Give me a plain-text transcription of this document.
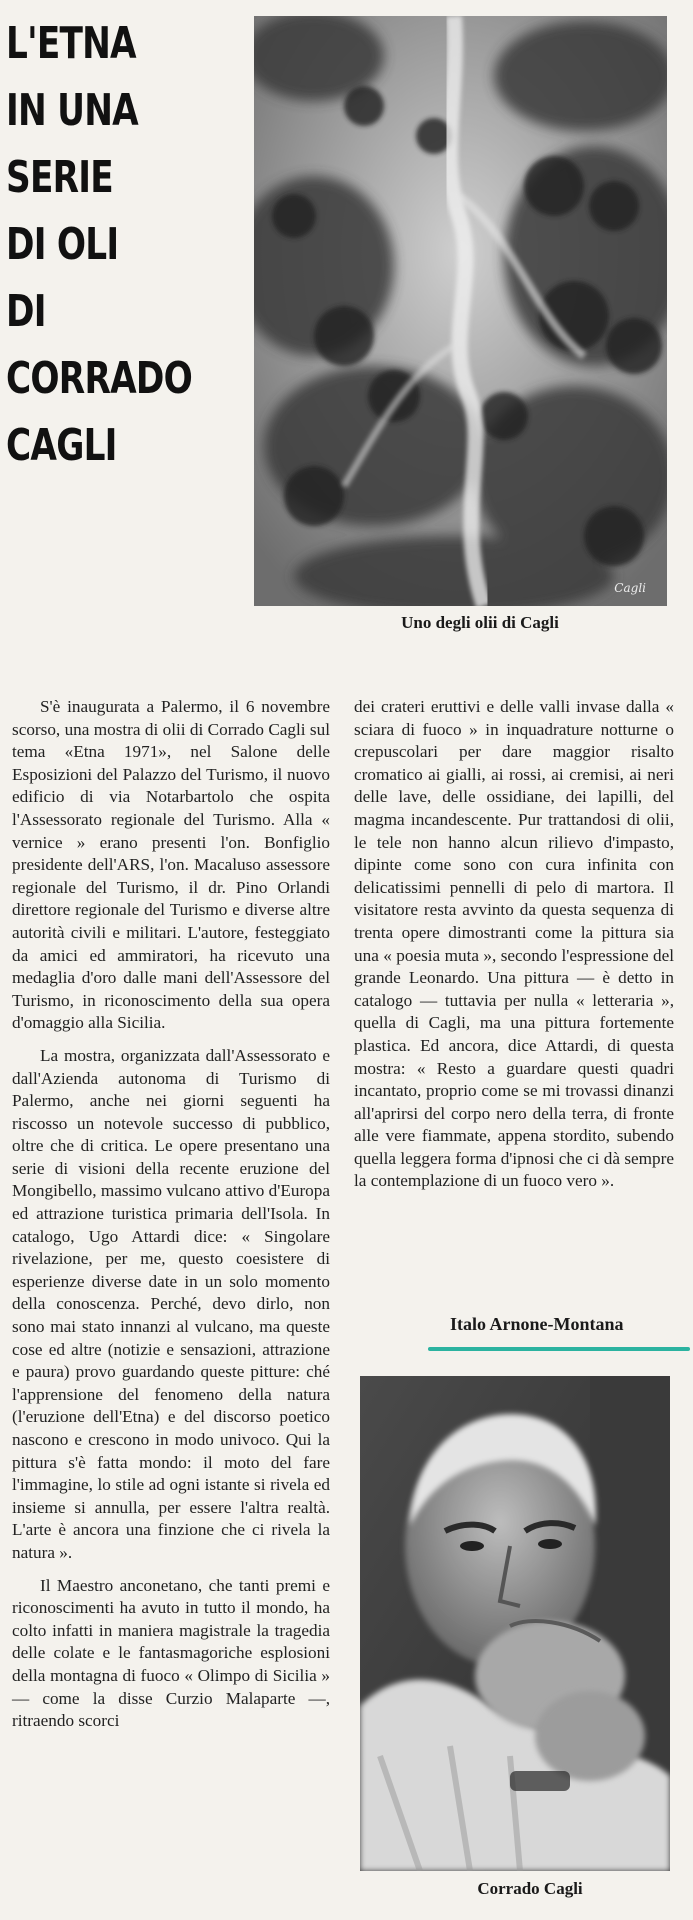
L'ETNA
IN UNA
SERIE
DI OLI
DI
CORRADO
CAGLI
Cagli
Uno degli olii di Cagli

S'è inaugurata a Palermo, il 6 novembre scorso, una mostra di olii di Corrado Cagli sul tema «Etna 1971», nel Salone delle Esposizioni del Palazzo del Turismo, il nuovo edificio di via Notarbartolo che ospita l'Assessorato regionale del Turismo. Alla « vernice » erano presenti l'on. Bonfiglio presidente dell'ARS, l'on. Macaluso assessore regionale del Turismo, il dr. Pino Orlandi direttore regionale del Turismo e diverse altre autorità civili e militari. L'autore, festeggiato da amici ed ammiratori, ha ricevuto una medaglia d'oro dalle mani dell'Assessore del Turismo, in riconoscimento della sua opera d'omaggio alla Sicilia.

La mostra, organizzata dall'Assessorato e dall'Azienda autonoma di Turismo di Palermo, anche nei giorni seguenti ha riscosso un notevole successo di pubblico, oltre che di critica. Le opere presentano una serie di visioni della recente eruzione del Mongibello, massimo vulcano attivo d'Europa ed attrazione turistica primaria dell'Isola. In catalogo, Ugo Attardi dice: « Singolare rivelazione, per me, questo coesistere di esperienze diverse date in un solo momento della conoscenza. Perché, devo dirlo, non sono mai stato innanzi al vulcano, ma queste cose ed altre (notizie e sensazioni, attrazione e paura) provo guardando queste pitture: ché l'apprensione del fenomeno della natura (l'eruzione dell'Etna) e del discorso poetico nascono e crescono in modo univoco. Qui la pittura s'è fatta mondo: il moto del fare l'immagine, lo stile ad ogni istante si rivela ed insieme si annulla, per essere l'altra realtà. L'arte è ancora una finzione che ci rivela la natura ».

Il Maestro anconetano, che tanti premi e riconoscimenti ha avuto in tutto il mondo, ha colto infatti in maniera magistrale la tragedia delle colate e le fantasmagoriche esplosioni della montagna di fuoco « Olimpo di Sicilia » — come la disse Curzio Malaparte —, ritraendo scorci

dei crateri eruttivi e delle valli invase dalla « sciara di fuoco » in inquadrature notturne o crepuscolari per dare maggior risalto cromatico ai gialli, ai rossi, ai cremisi, ai neri delle lave, delle ossidiane, dei lapilli, del magma incandescente. Pur trattandosi di olii, le tele non hanno alcun rilievo d'impasto, dipinte come sono con cura infinita con delicatissimi pennelli di pelo di martora. Il visitatore resta avvinto da questa sequenza di trenta opere dimostranti come la pittura sia una « poesia muta », secondo l'espressione del grande Leonardo. Una pittura — è detto in catalogo — tuttavia per nulla « letteraria », quella di Cagli, ma una pittura fortemente plastica. Ed ancora, dice Attardi, di questa mostra: « Resto a guardare questi quadri incantato, proprio come se mi trovassi dinanzi all'aprirsi del corpo nero della terra, di fronte alle vere fiammate, appena stordito, subendo quella leggera forma d'ipnosi che ci dà sempre la contemplazione di un fuoco vero ».

Italo Arnone-Montana
Corrado Cagli
